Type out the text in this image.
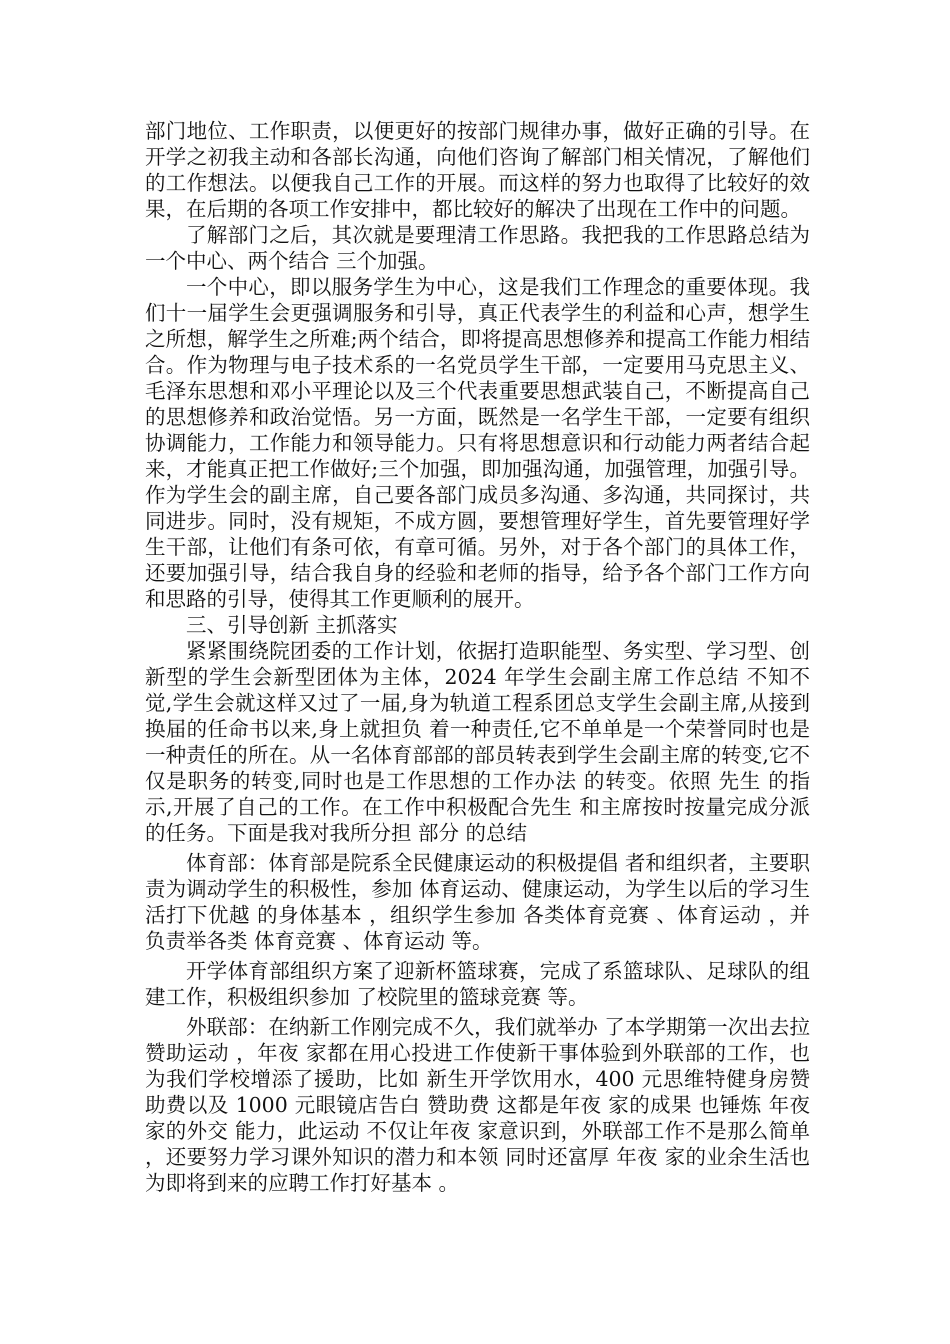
部门地位、工作职责，以便更好的按部门规律办事，做好正确的引导。在开学之初我主动和各部长沟通，向他们咨询了解部门相关情况，了解他们的工作想法。以便我自己工作的开展。而这样的努力也取得了比较好的效果，在后期的各项工作安排中，都比较好的解决了出现在工作中的问题。

了解部门之后，其次就是要理清工作思路。我把我的工作思路总结为一个中心、两个结合 三个加强。

一个中心，即以服务学生为中心，这是我们工作理念的重要体现。我们十一届学生会更强调服务和引导，真正代表学生的利益和心声，想学生之所想，解学生之所难;两个结合，即将提高思想修养和提高工作能力相结合。作为物理与电子技术系的一名党员学生干部，一定要用马克思主义、毛泽东思想和邓小平理论以及三个代表重要思想武装自己，不断提高自己的思想修养和政治觉悟。另一方面，既然是一名学生干部，一定要有组织协调能力，工作能力和领导能力。只有将思想意识和行动能力两者结合起来，才能真正把工作做好;三个加强，即加强沟通，加强管理，加强引导。作为学生会的副主席，自己要各部门成员多沟通、多沟通，共同探讨，共同进步。同时，没有规矩，不成方圆，要想管理好学生，首先要管理好学生干部，让他们有条可依，有章可循。另外，对于各个部门的具体工作，还要加强引导，结合我自身的经验和老师的指导，给予各个部门工作方向和思路的引导，使得其工作更顺利的展开。

三、引导创新 主抓落实

紧紧围绕院团委的工作计划，依据打造职能型、务实型、学习型、创新型的学生会新型团体为主体，2024 年学生会副主席工作总结 不知不觉,学生会就这样又过了一届,身为轨道工程系团总支学生会副主席,从接到换届的任命书以来,身上就担负 着一种责任,它不单单是一个荣誉同时也是一种责任的所在。从一名体育部部的部员转表到学生会副主席的转变,它不仅是职务的转变,同时也是工作思想的工作办法 的转变。依照 先生 的指示,开展了自己的工作。在工作中积极配合先生 和主席按时按量完成分派 的任务。下面是我对我所分担 部分 的总结

体育部：体育部是院系全民健康运动的积极提倡 者和组织者，主要职责为调动学生的积极性，参加 体育运动、健康运动，为学生以后的学习生活打下优越 的身体基本 ，组织学生参加 各类体育竞赛 、体育运动 ，并负责举各类 体育竞赛 、体育运动 等。

开学体育部组织方案了迎新杯篮球赛，完成了系篮球队、足球队的组建工作，积极组织参加 了校院里的篮球竞赛 等。

外联部：在纳新工作刚完成不久，我们就举办 了本学期第一次出去拉赞助运动 ，年夜 家都在用心投进工作使新干事体验到外联部的工作，也为我们学校增添了援助，比如 新生开学饮用水，400 元思维特健身房赞助费以及 1000 元眼镜店告白 赞助费 这都是年夜 家的成果 也锤炼 年夜 家的外交 能力，此运动 不仅让年夜 家意识到，外联部工作不是那么简单 ，还要努力学习课外知识的潜力和本领 同时还富厚 年夜 家的业余生活也为即将到来的应聘工作打好基本 。
